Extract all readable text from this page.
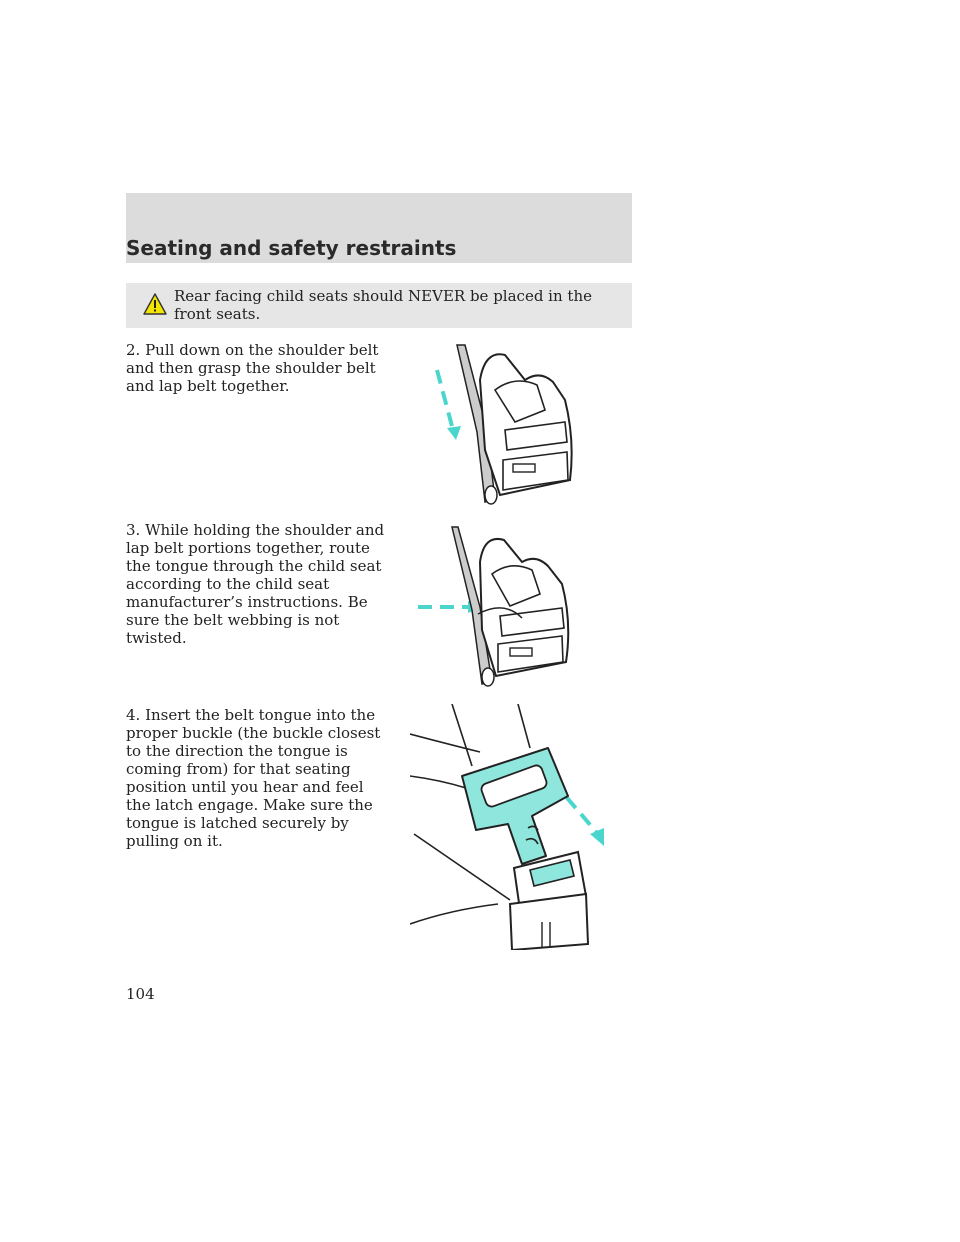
Seating and safety restraints
Rear facing child seats should NEVER be placed in the front seats.
2. Pull down on the shoulder belt and then grasp the shoulder belt and lap belt together.
3. While holding the shoulder and lap belt portions together, route the tongue through the child seat according to the child seat manufacturer’s instructions. Be sure the belt webbing is not twisted.
4. Insert the belt tongue into the proper buckle (the buckle closest to the direction the tongue is coming from) for that seating position until you hear and feel the latch engage. Make sure the tongue is latched securely by pulling on it.
104
